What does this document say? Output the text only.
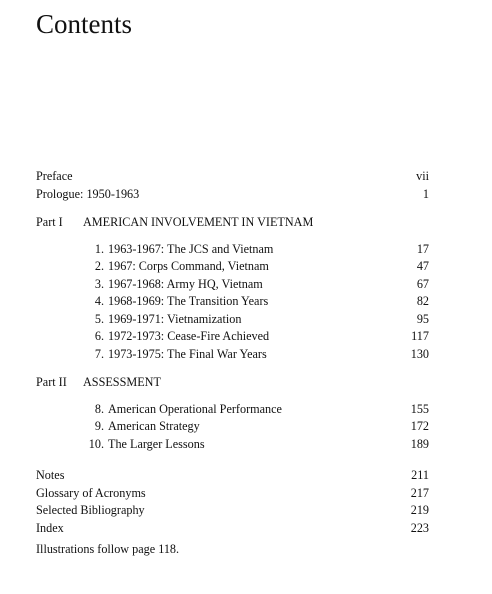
Contents
Preface	vii
Prologue: 1950-1963	1
Part I AMERICAN INVOLVEMENT IN VIETNAM
1. 1963-1967: The JCS and Vietnam	17
2. 1967: Corps Command, Vietnam	47
3. 1967-1968: Army HQ, Vietnam	67
4. 1968-1969: The Transition Years	82
5. 1969-1971: Vietnamization	95
6. 1972-1973: Cease-Fire Achieved	117
7. 1973-1975: The Final War Years	130
Part II ASSESSMENT
8. American Operational Performance	155
9. American Strategy	172
10. The Larger Lessons	189
Notes	211
Glossary of Acronyms	217
Selected Bibliography	219
Index	223
Illustrations follow page 118.
